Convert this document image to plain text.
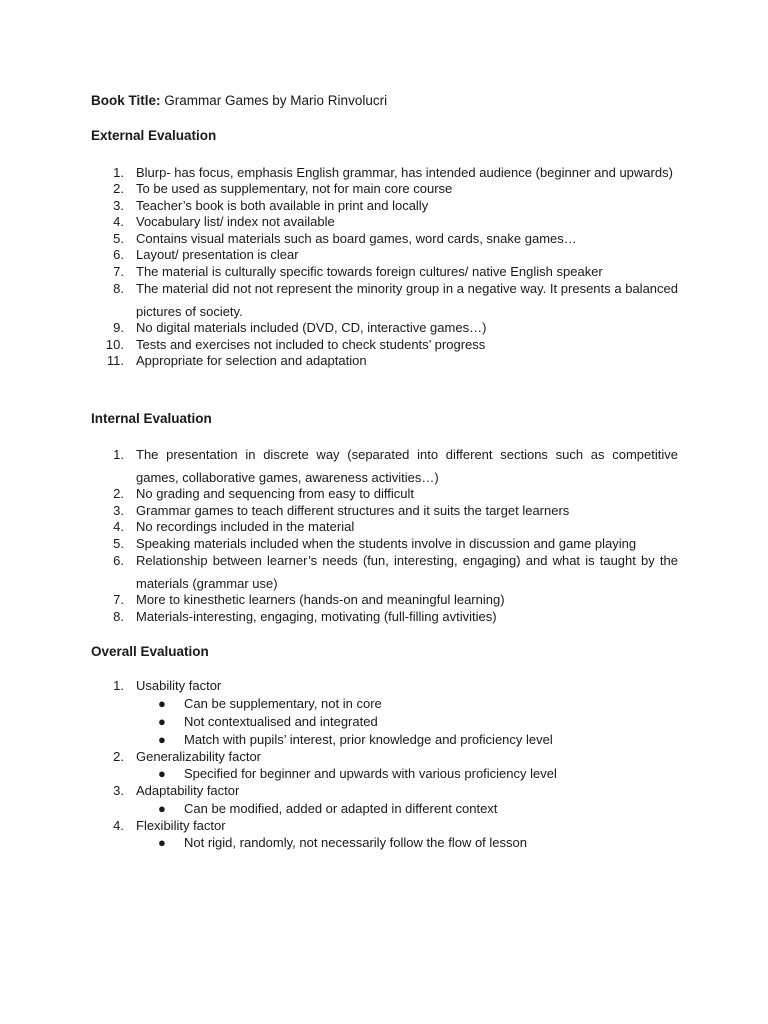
Book Title: Grammar Games by Mario Rinvolucri
External Evaluation
1. Blurp- has focus, emphasis English grammar, has intended audience (beginner and upwards)
2. To be used as supplementary, not for main core course
3. Teacher’s book is both available in print and locally
4. Vocabulary list/ index not available
5. Contains visual materials such as board games, word cards, snake games…
6. Layout/ presentation is clear
7. The material is culturally specific towards foreign cultures/ native English speaker
8. The material did not not represent the minority group in a negative way. It presents a balanced pictures of society.
9. No digital materials included (DVD, CD, interactive games…)
10. Tests and exercises not included to check students’ progress
11. Appropriate for selection and adaptation
Internal Evaluation
1. The presentation in discrete way (separated into different sections such as competitive games, collaborative games, awareness activities…)
2. No grading and sequencing from easy to difficult
3. Grammar games to teach different structures and it suits the target learners
4. No recordings included in the material
5. Speaking materials included when the students involve in discussion and game playing
6. Relationship between learner’s needs (fun, interesting, engaging) and what is taught by the materials (grammar use)
7. More to kinesthetic learners (hands-on and meaningful learning)
8. Materials-interesting, engaging, motivating (full-filling avtivities)
Overall Evaluation
1. Usability factor
● Can be supplementary, not in core
● Not contextualised and integrated
● Match with pupils’ interest, prior knowledge and proficiency level
2. Generalizability factor
● Specified for beginner and upwards with various proficiency level
3. Adaptability factor
● Can be modified, added or adapted in different context
4. Flexibility factor
● Not rigid, randomly, not necessarily follow the flow of lesson
